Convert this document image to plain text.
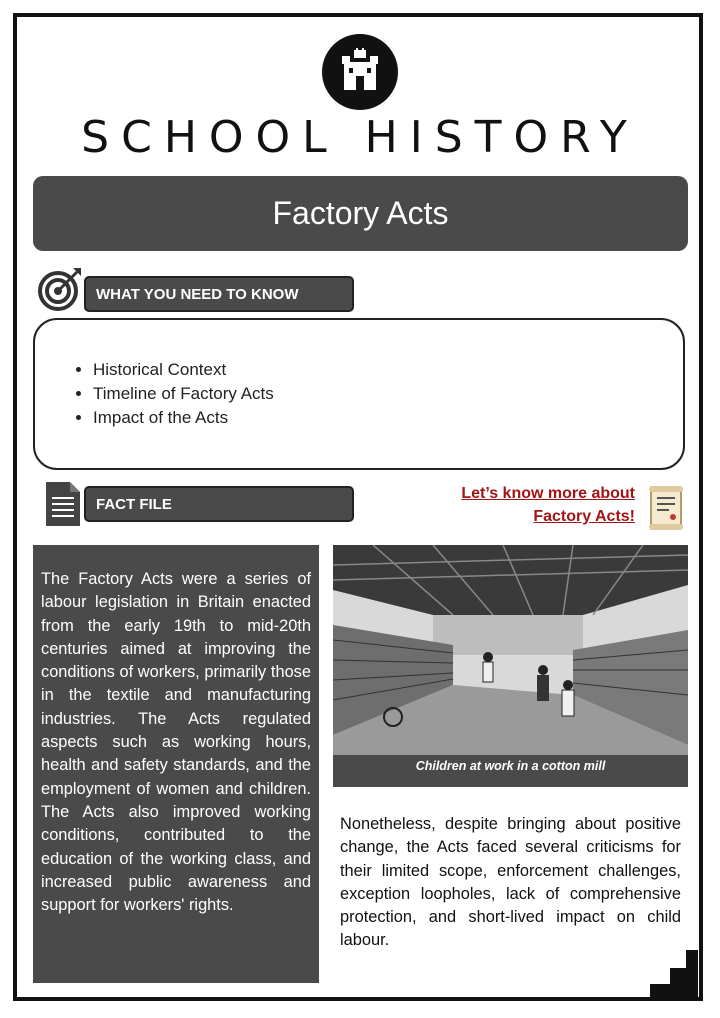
SCHOOL HISTORY
Factory Acts
WHAT YOU NEED TO KNOW
• Historical Context
• Timeline of Factory Acts
• Impact of the Acts
FACT FILE
Let’s know more about
Factory Acts!

The Factory Acts were a series of labour legislation in Britain enacted from the early 19th to mid-20th centuries aimed at improving the conditions of workers, primarily those in the textile and manufacturing industries. The Acts regulated aspects such as working hours, health and safety standards, and the employment of women and children. The Acts also improved working conditions, contributed to the education of the working class, and increased public awareness and support for workers' rights.

Children at work in a cotton mill

Nonetheless, despite bringing about positive change, the Acts faced several criticisms for their limited scope, enforcement challenges, exception loopholes, lack of comprehensive protection, and short-lived impact on child labour.
